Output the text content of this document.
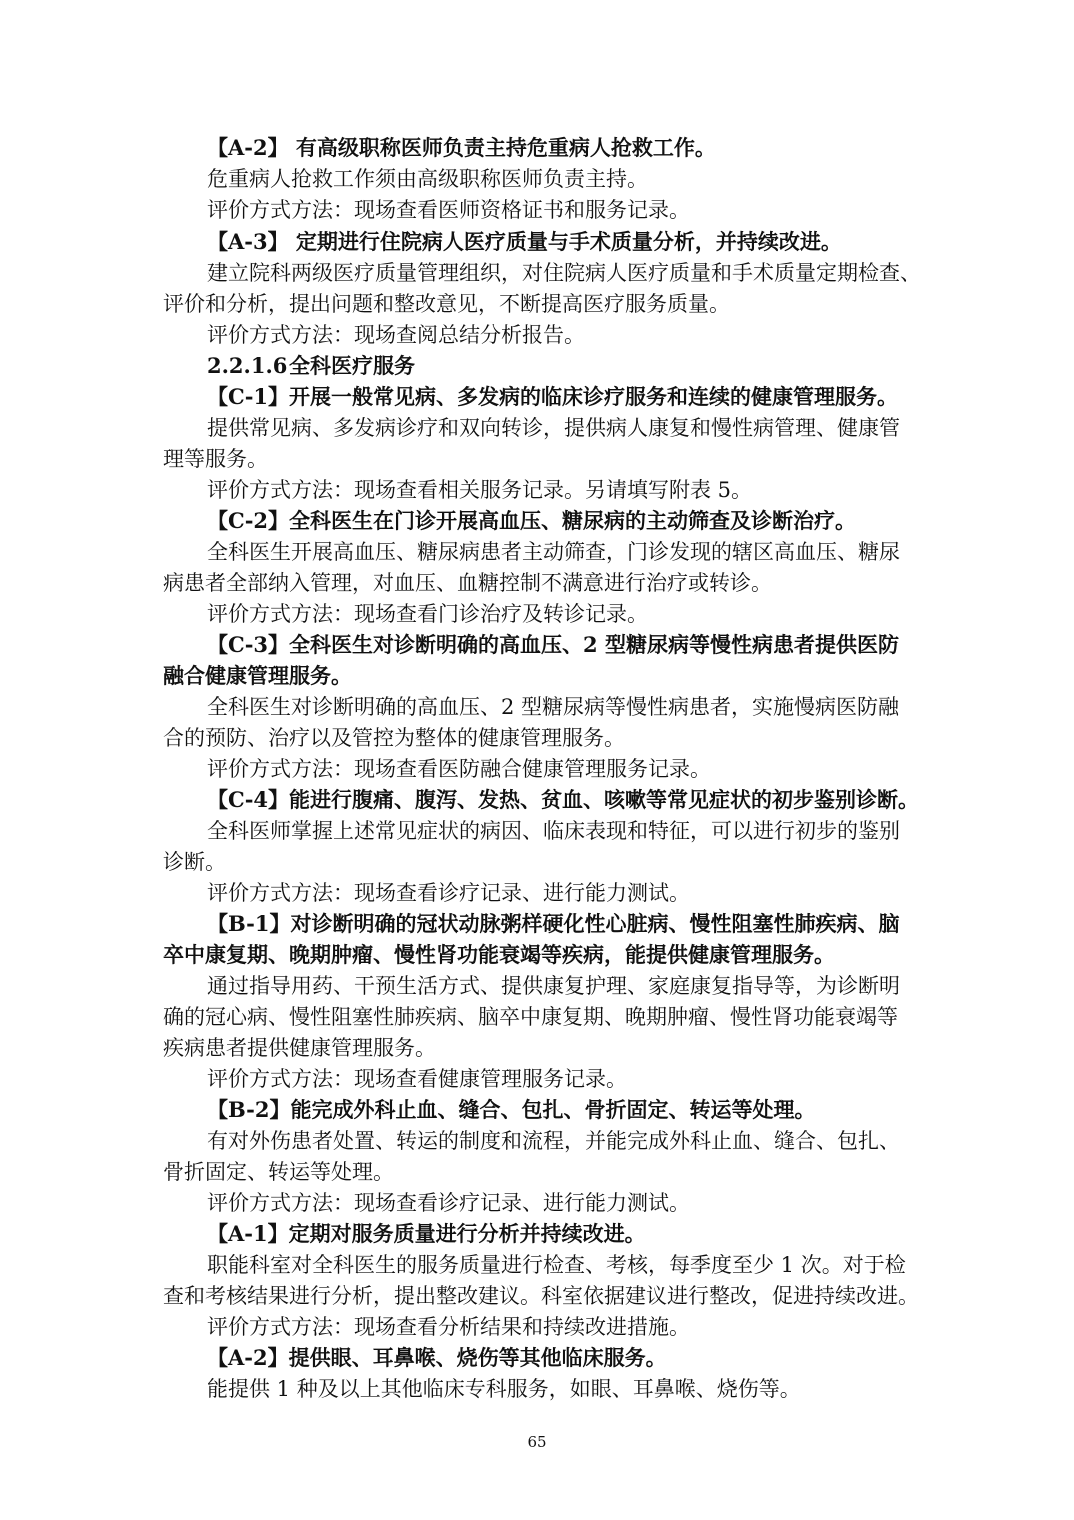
【A-2】 有高级职称医师负责主持危重病人抢救工作。
危重病人抢救工作须由高级职称医师负责主持。
评价方式方法：现场查看医师资格证书和服务记录。
【A-3】 定期进行住院病人医疗质量与手术质量分析，并持续改进。
建立院科两级医疗质量管理组织，对住院病人医疗质量和手术质量定期检查、
评价和分析，提出问题和整改意见，不断提高医疗服务质量。
评价方式方法：现场查阅总结分析报告。
2.2.1.6全科医疗服务
【C-1】开展一般常见病、多发病的临床诊疗服务和连续的健康管理服务。
提供常见病、多发病诊疗和双向转诊，提供病人康复和慢性病管理、健康管
理等服务。
评价方式方法：现场查看相关服务记录。另请填写附表 5。
【C-2】全科医生在门诊开展高血压、糖尿病的主动筛查及诊断治疗。
全科医生开展高血压、糖尿病患者主动筛查，门诊发现的辖区高血压、糖尿
病患者全部纳入管理，对血压、血糖控制不满意进行治疗或转诊。
评价方式方法：现场查看门诊治疗及转诊记录。
【C-3】全科医生对诊断明确的高血压、2 型糖尿病等慢性病患者提供医防
融合健康管理服务。
全科医生对诊断明确的高血压、2 型糖尿病等慢性病患者，实施慢病医防融
合的预防、治疗以及管控为整体的健康管理服务。
评价方式方法：现场查看医防融合健康管理服务记录。
【C-4】能进行腹痛、腹泻、发热、贫血、咳嗽等常见症状的初步鉴别诊断。
全科医师掌握上述常见症状的病因、临床表现和特征，可以进行初步的鉴别
诊断。
评价方式方法：现场查看诊疗记录、进行能力测试。
【B-1】对诊断明确的冠状动脉粥样硬化性心脏病、慢性阻塞性肺疾病、脑
卒中康复期、晚期肿瘤、慢性肾功能衰竭等疾病，能提供健康管理服务。
通过指导用药、干预生活方式、提供康复护理、家庭康复指导等，为诊断明
确的冠心病、慢性阻塞性肺疾病、脑卒中康复期、晚期肿瘤、慢性肾功能衰竭等
疾病患者提供健康管理服务。
评价方式方法：现场查看健康管理服务记录。
【B-2】能完成外科止血、缝合、包扎、骨折固定、转运等处理。
有对外伤患者处置、转运的制度和流程，并能完成外科止血、缝合、包扎、
骨折固定、转运等处理。
评价方式方法：现场查看诊疗记录、进行能力测试。
【A-1】定期对服务质量进行分析并持续改进。
职能科室对全科医生的服务质量进行检查、考核，每季度至少 1 次。对于检
查和考核结果进行分析，提出整改建议。科室依据建议进行整改，促进持续改进。
评价方式方法：现场查看分析结果和持续改进措施。
【A-2】提供眼、耳鼻喉、烧伤等其他临床服务。
能提供 1 种及以上其他临床专科服务，如眼、耳鼻喉、烧伤等。
65
